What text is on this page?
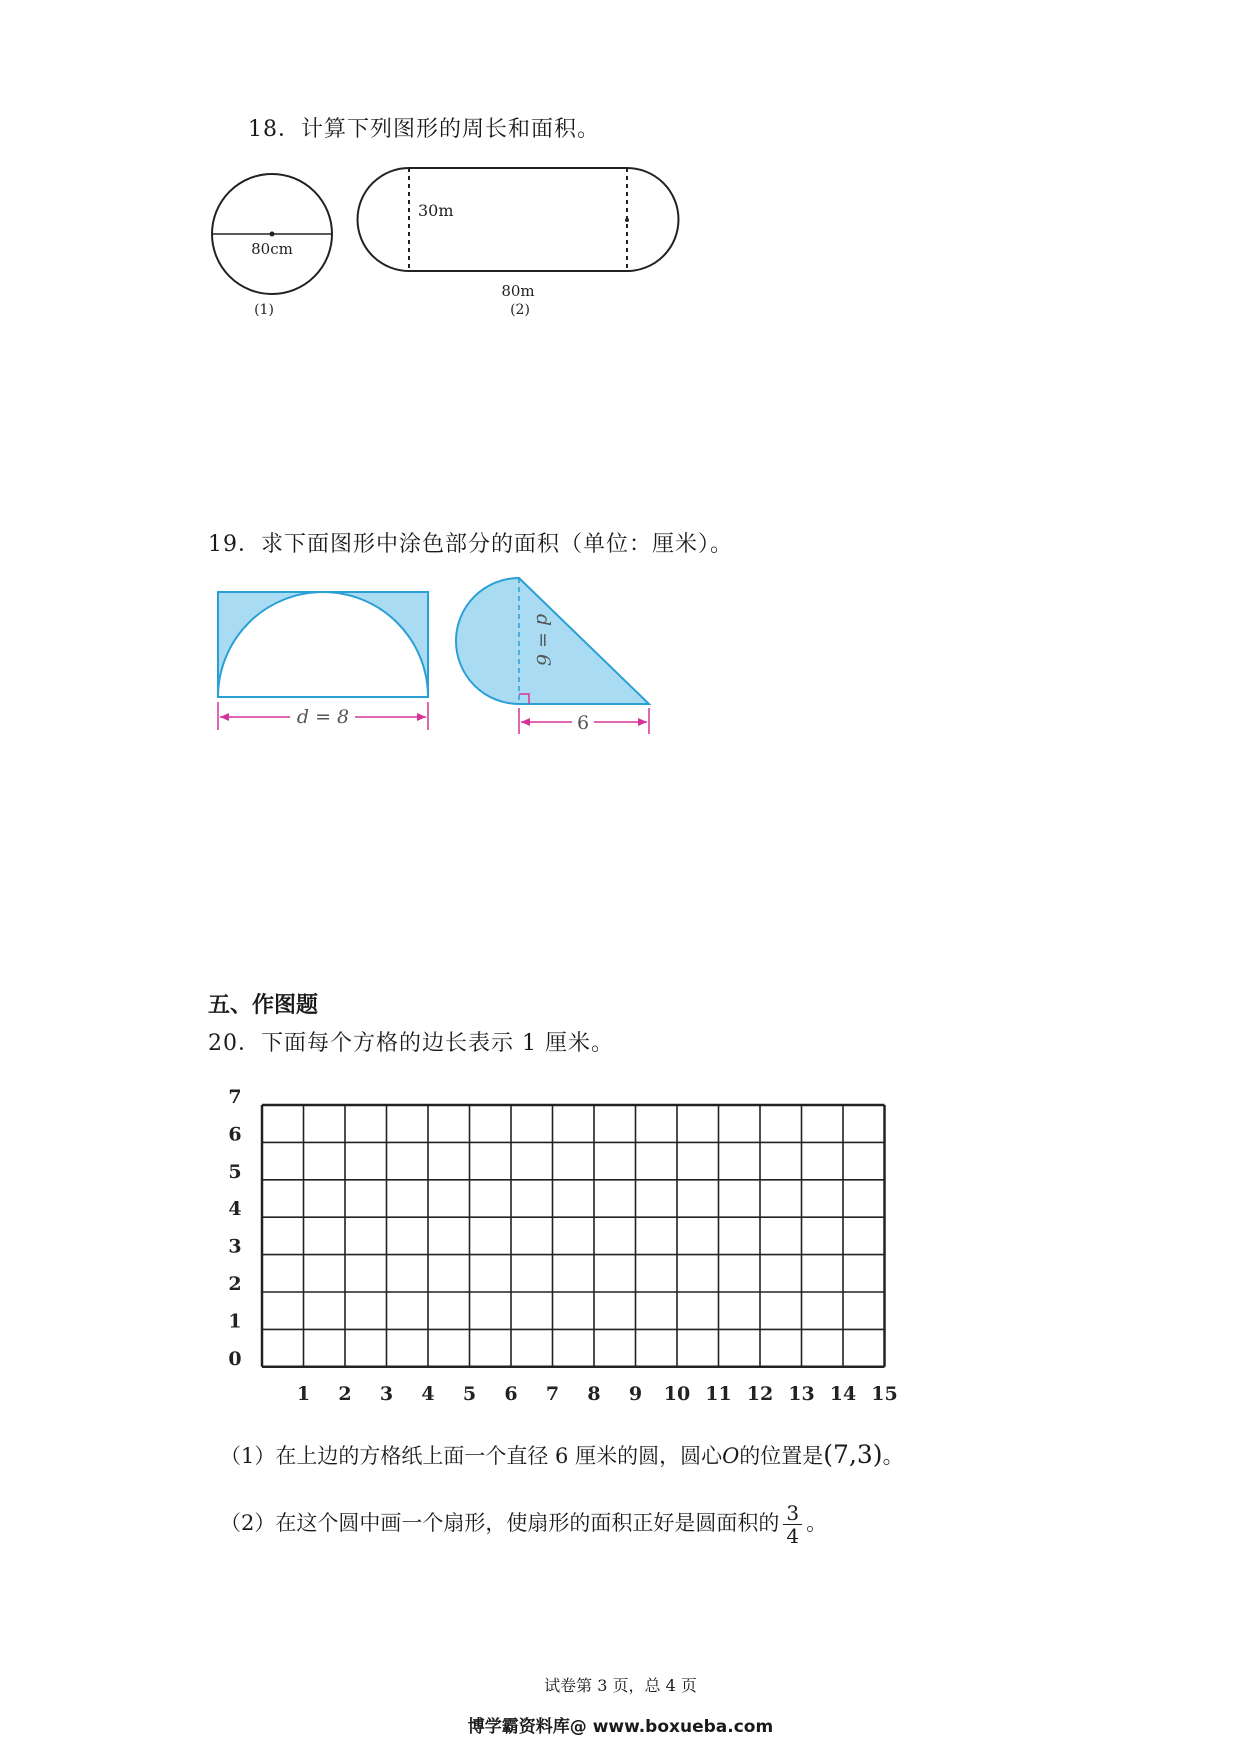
18．计算下列图形的周长和面积。
80cm
(1)
30m
80m
(2)
19．求下面图形中涂色部分的面积（单位：厘米）。
d = 8
d = 6
6
五、作图题
20．下面每个方格的边长表示 1 厘米。
7
6
5
4
3
2
1
0
1 2 3 4 5 6 7 8 9 10 11 12 13 14 15
（1）在上边的方格纸上面一个直径 6 厘米的圆，圆心O的位置是(7,3)。
（2）在这个圆中画一个扇形，使扇形的面积正好是圆面积的 $\frac{3}{4}$ 。
试卷第 3 页，总 4 页
博学霸资料库@ www.boxueba.com
